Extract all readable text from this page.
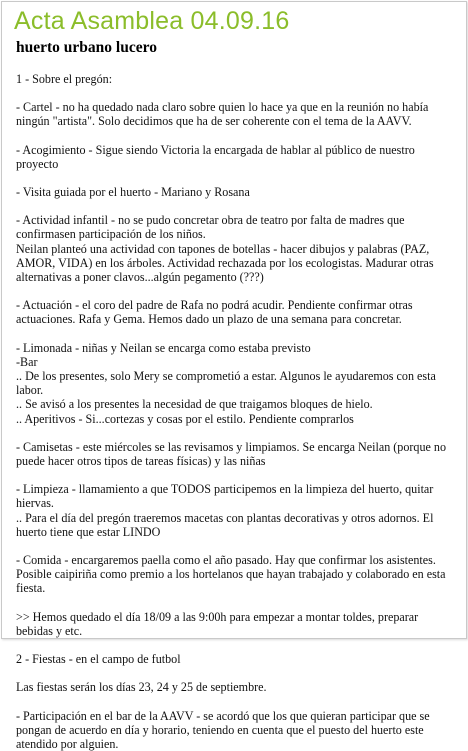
Acta Asamblea 04.09.16
huerto urbano lucero

1 - Sobre el pregón:

- Cartel - no ha quedado nada claro sobre quien lo hace ya que en la reunión no había ningún "artista". Solo decidimos que ha de ser coherente con el tema de la AAVV.

- Acogimiento - Sigue siendo Victoria la encargada de hablar al público de nuestro proyecto

- Visita guiada por el huerto - Mariano y Rosana

- Actividad infantil - no se pudo concretar obra de teatro por falta de madres que confirmasen participación de los niños.
Neilan planteó una actividad con tapones de botellas - hacer dibujos y palabras (PAZ, AMOR, VIDA) en los árboles. Actividad rechazada por los ecologistas. Madurar otras alternativas a poner clavos...algún pegamento (???)

- Actuación - el coro del padre de Rafa no podrá acudir. Pendiente confirmar otras actuaciones. Rafa y Gema. Hemos dado un plazo de una semana para concretar.

- Limonada - niñas y Neilan se encarga como estaba previsto
-Bar
.. De los presentes, solo Mery se comprometió a estar. Algunos le ayudaremos con esta labor.
.. Se avisó a los presentes la necesidad de que traigamos bloques de hielo.
.. Aperitivos - Si...cortezas y cosas por el estilo. Pendiente comprarlos

- Camisetas - este miércoles se las revisamos y limpiamos. Se encarga Neilan (porque no puede hacer otros tipos de tareas físicas) y las niñas

- Limpieza - llamamiento a que TODOS participemos en la limpieza del huerto, quitar hiervas.
.. Para el día del pregón traeremos macetas con plantas decorativas y otros adornos. El huerto tiene que estar LINDO

- Comida - encargaremos paella como el año pasado. Hay que confirmar los asistentes. Posible caipiriña como premio a los hortelanos que hayan trabajado y colaborado en esta fiesta.

>> Hemos quedado el día 18/09 a las 9:00h para empezar a montar toldes, preparar bebidas y etc.

2 - Fiestas - en el campo de futbol

Las fiestas serán los días 23, 24 y 25 de septiembre.

- Participación en el bar de la AAVV - se acordó que los que quieran participar que se pongan de acuerdo en día y horario, teniendo en cuenta que el puesto del huerto este atendido por alguien.
